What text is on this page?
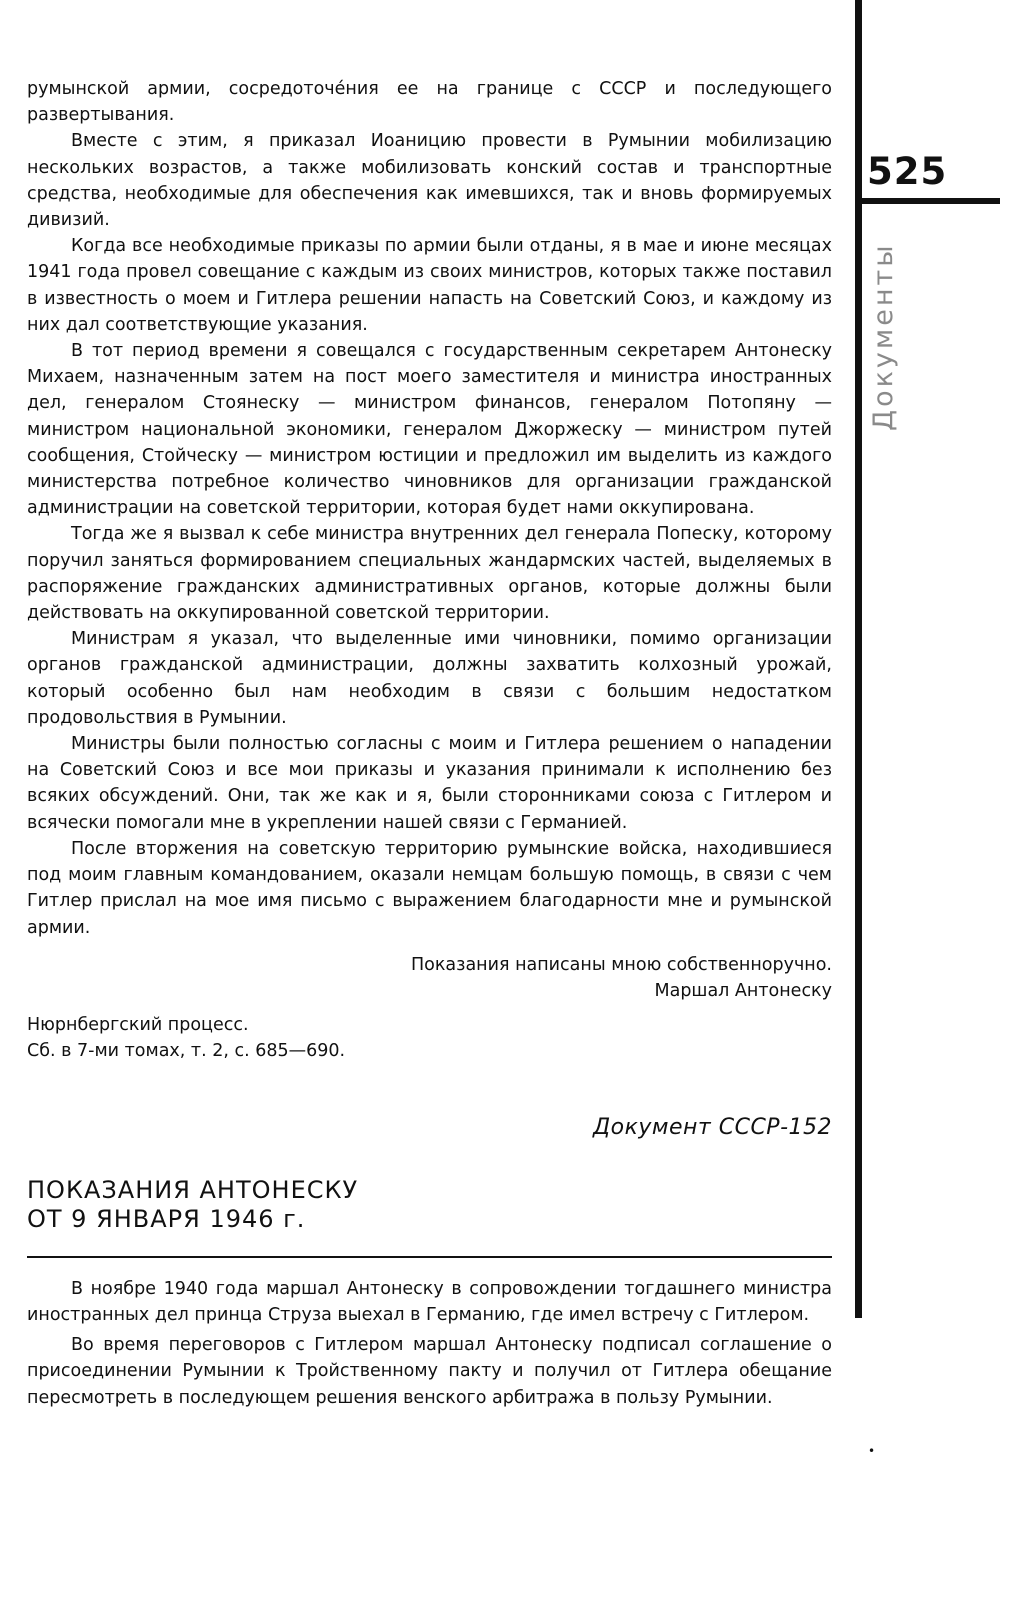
525
Документы
•

румынской армии, сосредоточе́ния ее на границе с СССР и последующего развертывания.

Вместе с этим, я приказал Иоаницию провести в Румынии мобилизацию нескольких возрастов, а также мобилизовать конский состав и транспортные средства, необходимые для обеспечения как имевшихся, так и вновь формируемых дивизий.

Когда все необходимые приказы по армии были отданы, я в мае и июне месяцах 1941 года провел совещание с каждым из своих министров, которых также поставил в известность о моем и Гитлера решении напасть на Советский Союз, и каждому из них дал соответствующие указания.

В тот период времени я совещался с государственным секретарем Антонеску Михаем, назначенным затем на пост моего заместителя и министра иностранных дел, генералом Стоянеску — министром финансов, генералом Потопяну — министром национальной экономики, генералом Джоржеску — министром путей сообщения, Стойческу — министром юстиции и предложил им выделить из каждого министерства потребное количество чиновников для организации гражданской администрации на советской территории, которая будет нами оккупирована.

Тогда же я вызвал к себе министра внутренних дел генерала Попеску, которому поручил заняться формированием специальных жандармских частей, выделяемых в распоряжение гражданских административных органов, которые должны были действовать на оккупированной советской территории.

Министрам я указал, что выделенные ими чиновники, помимо организации органов гражданской администрации, должны захватить колхозный урожай, который особенно был нам необходим в связи с большим недостатком продовольствия в Румынии.

Министры были полностью согласны с моим и Гитлера решением о нападении на Советский Союз и все мои приказы и указания принимали к исполнению без всяких обсуждений. Они, так же как и я, были сторонниками союза с Гитлером и всячески помогали мне в укреплении нашей связи с Германией.

После вторжения на советскую территорию румынские войска, находившиеся под моим главным командованием, оказали немцам большую помощь, в связи с чем Гитлер прислал на мое имя письмо с выражением благодарности мне и румынской армии.

Показания написаны мною собственноручно.
Маршал Антонеску
Нюрнбергский процесс.
Сб. в 7-ми томах, т. 2, с. 685—690.
Документ СССР-152
ПОКАЗАНИЯ АНТОНЕСКУ
ОТ 9 ЯНВАРЯ 1946 г.

В ноябре 1940 года маршал Антонеску в сопровождении тогдашнего министра иностранных дел принца Струза выехал в Германию, где имел встречу с Гитлером.

Во время переговоров с Гитлером маршал Антонеску подписал соглашение о присоединении Румынии к Тройственному пакту и получил от Гитлера обещание пересмотреть в последующем решения венского арбитража в пользу Румынии.
